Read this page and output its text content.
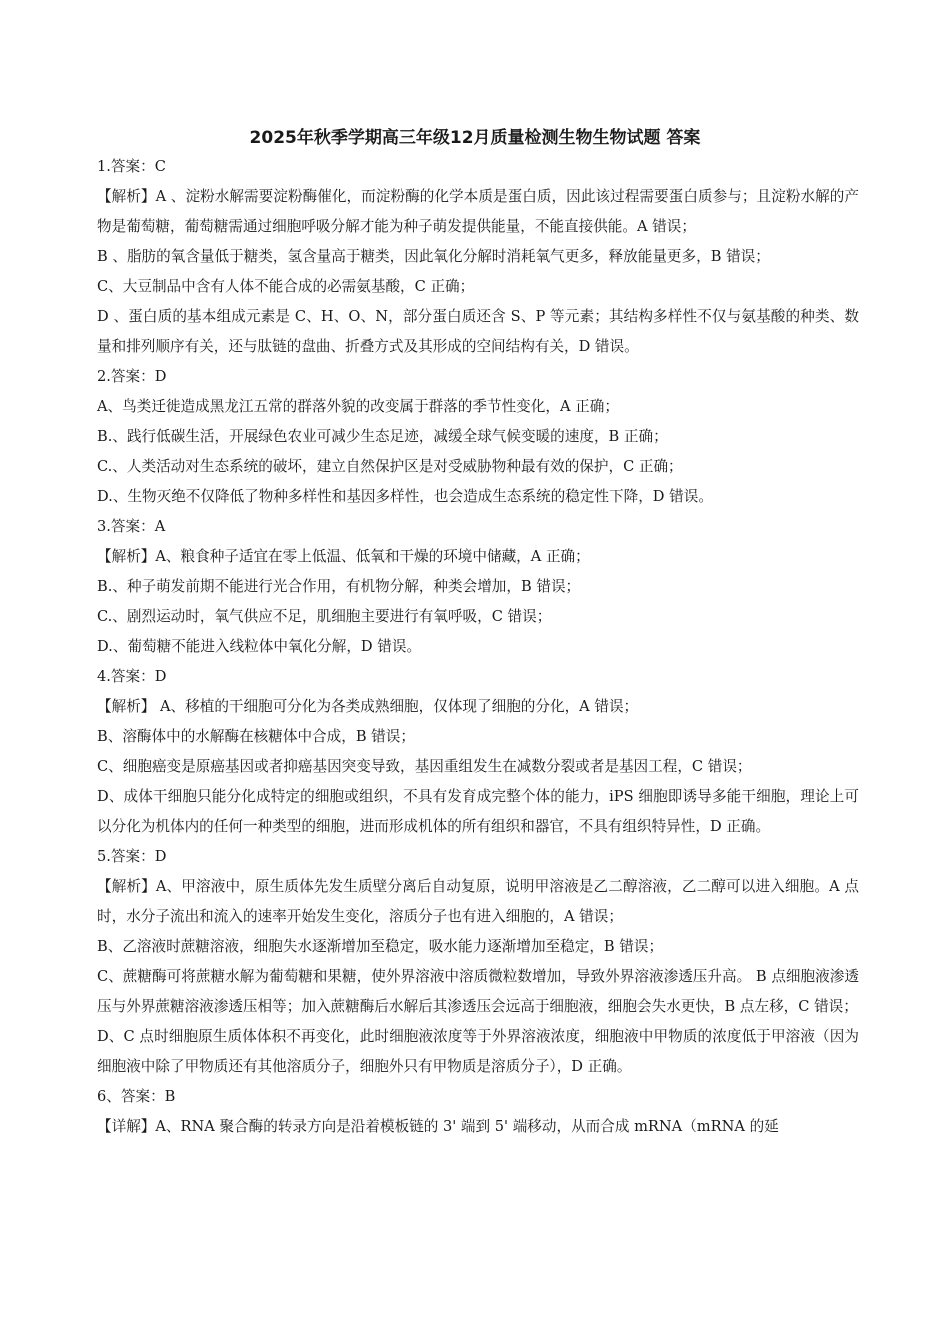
2025年秋季学期高三年级12月质量检测生物生物试题 答案

1.答案：C

【解析】A 、淀粉水解需要淀粉酶催化，而淀粉酶的化学本质是蛋白质，因此该过程需要蛋白质参与；且淀粉水解的产物是葡萄糖，葡萄糖需通过细胞呼吸分解才能为种子萌发提供能量，不能直接供能。A 错误；

B 、脂肪的氧含量低于糖类，氢含量高于糖类，因此氧化分解时消耗氧气更多，释放能量更多，B 错误；

C、大豆制品中含有人体不能合成的必需氨基酸，C 正确；

D 、蛋白质的基本组成元素是 C、H、O、N，部分蛋白质还含 S、P 等元素；其结构多样性不仅与氨基酸的种类、数量和排列顺序有关，还与肽链的盘曲、折叠方式及其形成的空间结构有关，D 错误。

2.答案：D

A、鸟类迁徙造成黑龙江五常的群落外貌的改变属于群落的季节性变化，A 正确；

B.、践行低碳生活，开展绿色农业可减少生态足迹，减缓全球气候变暖的速度，B 正确；

C.、人类活动对生态系统的破坏，建立自然保护区是对受威胁物种最有效的保护，C 正确；

D.、生物灭绝不仅降低了物种多样性和基因多样性，也会造成生态系统的稳定性下降，D 错误。

3.答案：A

【解析】A、粮食种子适宜在零上低温、低氧和干燥的环境中储藏，A 正确；

B.、种子萌发前期不能进行光合作用，有机物分解，种类会增加，B 错误；

C.、剧烈运动时，氧气供应不足，肌细胞主要进行有氧呼吸，C 错误；

D.、葡萄糖不能进入线粒体中氧化分解，D 错误。

4.答案：D

【解析】 A、移植的干细胞可分化为各类成熟细胞，仅体现了细胞的分化，A 错误；

B、溶酶体中的水解酶在核糖体中合成，B 错误；

C、细胞癌变是原癌基因或者抑癌基因突变导致，基因重组发生在减数分裂或者是基因工程，C 错误；

D、成体干细胞只能分化成特定的细胞或组织，不具有发育成完整个体的能力，iPS 细胞即诱导多能干细胞，理论上可以分化为机体内的任何一种类型的细胞，进而形成机体的所有组织和器官，不具有组织特异性，D 正确。

5.答案：D

【解析】A、甲溶液中，原生质体先发生质壁分离后自动复原，说明甲溶液是乙二醇溶液，乙二醇可以进入细胞。A 点时，水分子流出和流入的速率开始发生变化，溶质分子也有进入细胞的，A 错误；

B、乙溶液时蔗糖溶液，细胞失水逐渐增加至稳定，吸水能力逐渐增加至稳定，B 错误；

C、蔗糖酶可将蔗糖水解为葡萄糖和果糖，使外界溶液中溶质微粒数增加，导致外界溶液渗透压升高。 B 点细胞液渗透压与外界蔗糖溶液渗透压相等；加入蔗糖酶后水解后其渗透压会远高于细胞液，细胞会失水更快，B 点左移，C 错误；

D、C 点时细胞原生质体体积不再变化，此时细胞液浓度等于外界溶液浓度，细胞液中甲物质的浓度低于甲溶液（因为细胞液中除了甲物质还有其他溶质分子，细胞外只有甲物质是溶质分子），D 正确。

6、答案：B

【详解】A、RNA 聚合酶的转录方向是沿着模板链的 3' 端到 5' 端移动，从而合成 mRNA（mRNA 的延
